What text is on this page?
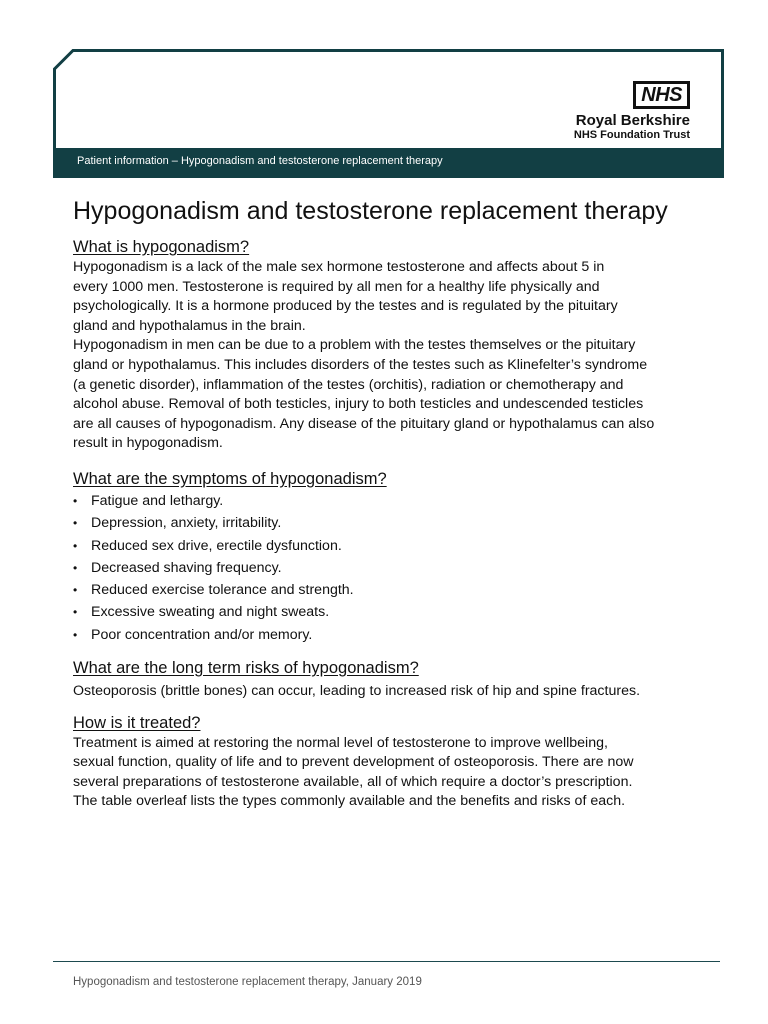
NHS
Royal Berkshire
NHS Foundation Trust
Patient information – Hypogonadism and testosterone replacement therapy
Hypogonadism and testosterone replacement therapy
What is hypogonadism?

Hypogonadism is a lack of the male sex hormone testosterone and affects about 5 in

every 1000 men. Testosterone is required by all men for a healthy life physically and

psychologically. It is a hormone produced by the testes and is regulated by the pituitary

gland and hypothalamus in the brain.

Hypogonadism in men can be due to a problem with the testes themselves or the pituitary

gland or hypothalamus. This includes disorders of the testes such as Klinefelter’s syndrome

(a genetic disorder), inflammation of the testes (orchitis), radiation or chemotherapy and

alcohol abuse. Removal of both testicles, injury to both testicles and undescended testicles

are all causes of hypogonadism. Any disease of the pituitary gland or hypothalamus can also

result in hypogonadism.

What are the symptoms of hypogonadism?
• Fatigue and lethargy.
• Depression, anxiety, irritability.
• Reduced sex drive, erectile dysfunction.
• Decreased shaving frequency.
• Reduced exercise tolerance and strength.
• Excessive sweating and night sweats.
• Poor concentration and/or memory.
What are the long term risks of hypogonadism?

Osteoporosis (brittle bones) can occur, leading to increased risk of hip and spine fractures.

How is it treated?

Treatment is aimed at restoring the normal level of testosterone to improve wellbeing,

sexual function, quality of life and to prevent development of osteoporosis. There are now

several preparations of testosterone available, all of which require a doctor’s prescription.

The table overleaf lists the types commonly available and the benefits and risks of each.

Hypogonadism and testosterone replacement therapy, January 2019
